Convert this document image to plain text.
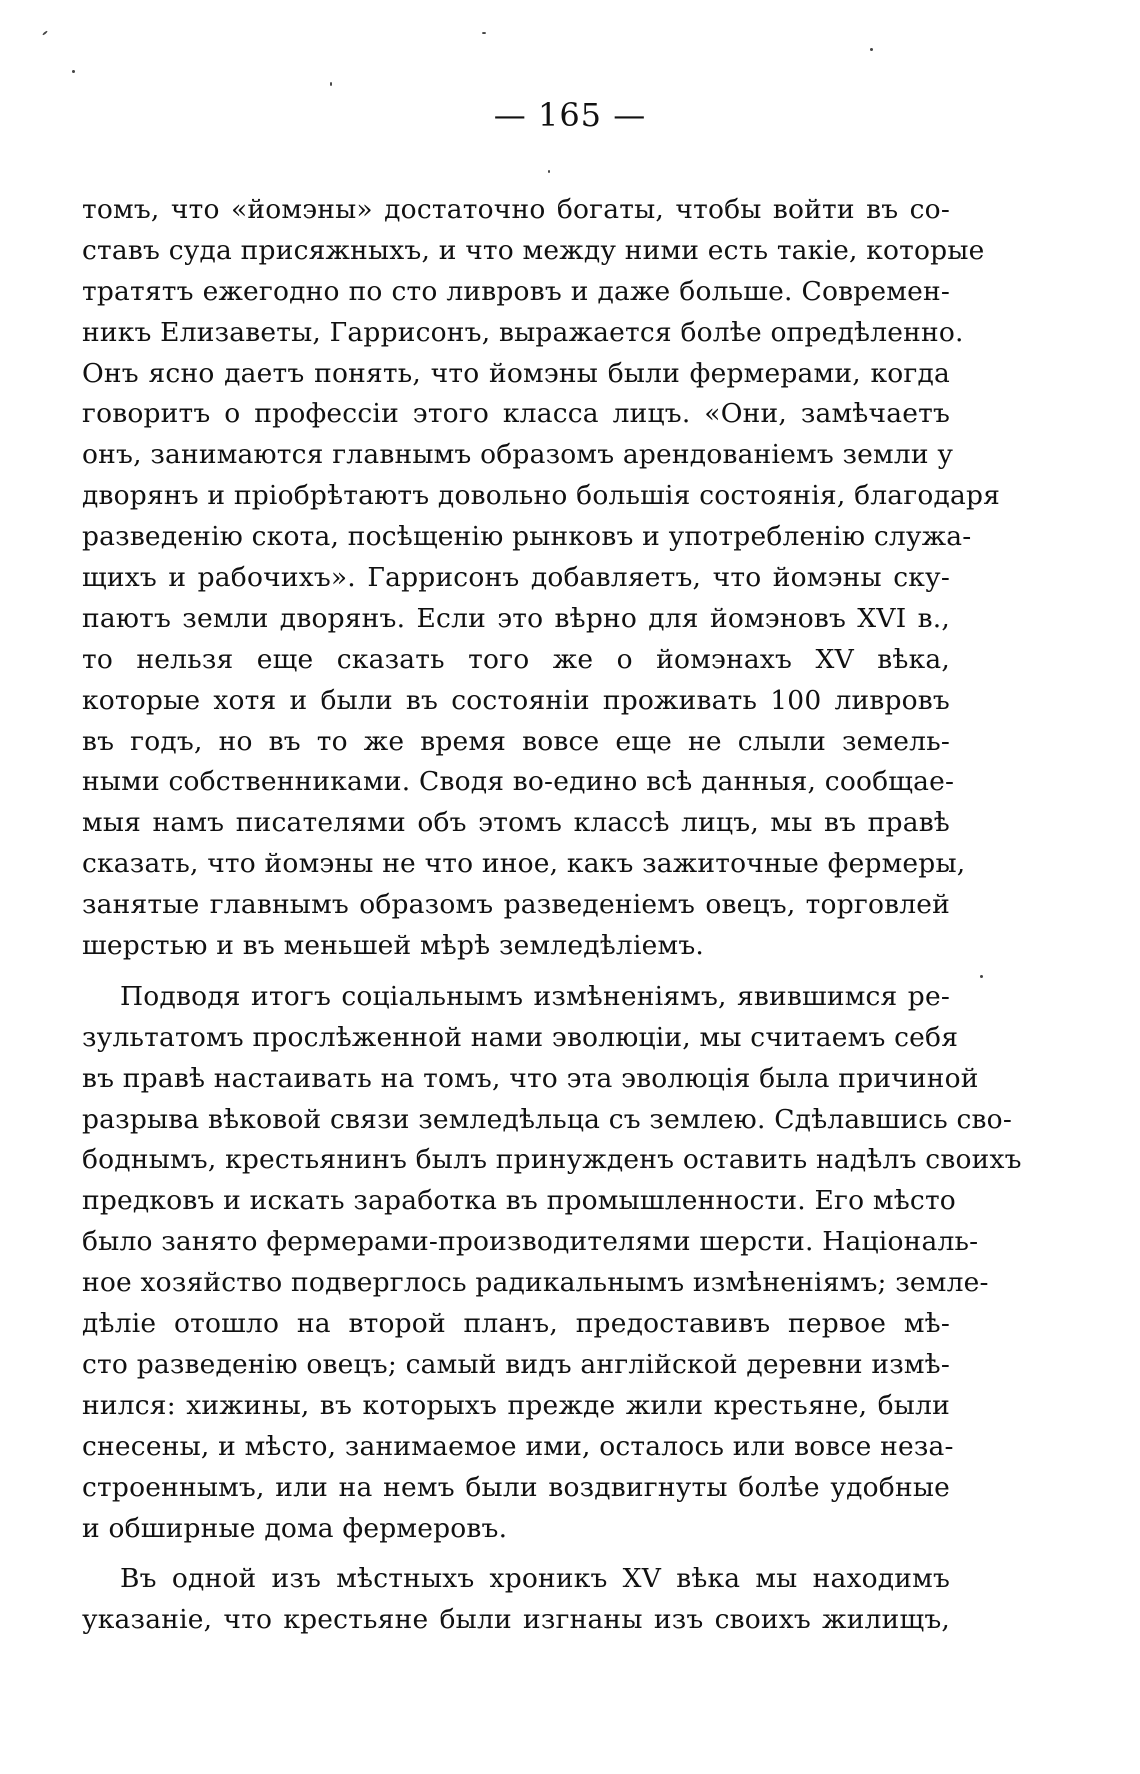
— 165 —
томъ, что «йомэны» достаточно богаты, чтобы войти въ со-
ставъ суда присяжныхъ, и что между ними есть такіе, которые
тратятъ ежегодно по сто ливровъ и даже больше. Современ-
никъ Елизаветы, Гаррисонъ, выражается болѣе опредѣленно.
Онъ ясно даетъ понять, что йомэны были фермерами, когда
говоритъ о профессіи этого класса лицъ. «Они, замѣчаетъ
онъ, занимаются главнымъ образомъ арендованіемъ земли у
дворянъ и пріобрѣтаютъ довольно большія состоянія, благодаря
разведенію скота, посѣщенію рынковъ и употребленію служа-
щихъ и рабочихъ». Гаррисонъ добавляетъ, что йомэны ску-
паютъ земли дворянъ. Если это вѣрно для йомэновъ XVI в.,
то нельзя еще сказать того же о йомэнахъ XV вѣка,
которые хотя и были въ состояніи проживать 100 ливровъ
въ годъ, но въ то же время вовсе еще не слыли земель-
ными собственниками. Сводя во-едино всѣ данныя, сообщае-
мыя намъ писателями объ этомъ классѣ лицъ, мы въ правѣ
сказать, что йомэны не что иное, какъ зажиточные фермеры,
занятые главнымъ образомъ разведеніемъ овецъ, торговлей
шерстью и въ меньшей мѣрѣ земледѣліемъ.
Подводя итогъ соціальнымъ измѣненіямъ, явившимся ре-
зультатомъ прослѣженной нами эволюціи, мы считаемъ себя
въ правѣ настаивать на томъ, что эта эволюція была причиной
разрыва вѣковой связи земледѣльца съ землею. Сдѣлавшись сво-
боднымъ, крестьянинъ былъ принужденъ оставить надѣлъ своихъ
предковъ и искать заработка въ промышленности. Его мѣсто
было занято фермерами-производителями шерсти. Національ-
ное хозяйство подверглось радикальнымъ измѣненіямъ; земле-
дѣліе отошло на второй планъ, предоставивъ первое мѣ-
сто разведенію овецъ; самый видъ англійской деревни измѣ-
нился: хижины, въ которыхъ прежде жили крестьяне, были
снесены, и мѣсто, занимаемое ими, осталось или вовсе неза-
строеннымъ, или на немъ были воздвигнуты болѣе удобные
и обширные дома фермеровъ.
Въ одной изъ мѣстныхъ хроникъ XV вѣка мы находимъ
указаніе, что крестьяне были изгнаны изъ своихъ жилищъ,
